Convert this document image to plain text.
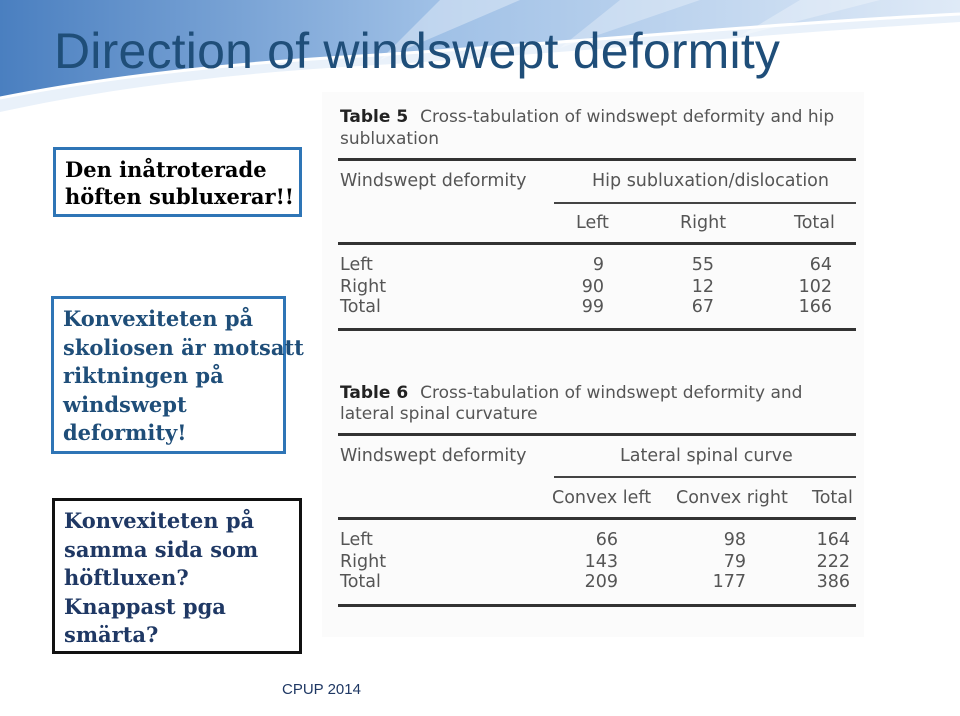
Direction of windswept deformity
Den inåtroterade
höften subluxerar!!
Konvexiteten på
skoliosen är motsatt
riktningen på
windswept
deformity!
Konvexiteten på
samma sida som
höftluxen?
Knappast pga
smärta?
Table 5 Cross-tabulation of windswept deformity and hip
subluxation
Windswept deformity	Hip subluxation/dislocation
Left	Right	Total
Left	9	55	64
Right	90	12	102
Total	99	67	166
Table 6 Cross-tabulation of windswept deformity and
lateral spinal curvature
Windswept deformity	Lateral spinal curve
Convex left Convex right Total
Left	66	98	164
Right	143	79	222
Total	209	177	386
CPUP 2014
